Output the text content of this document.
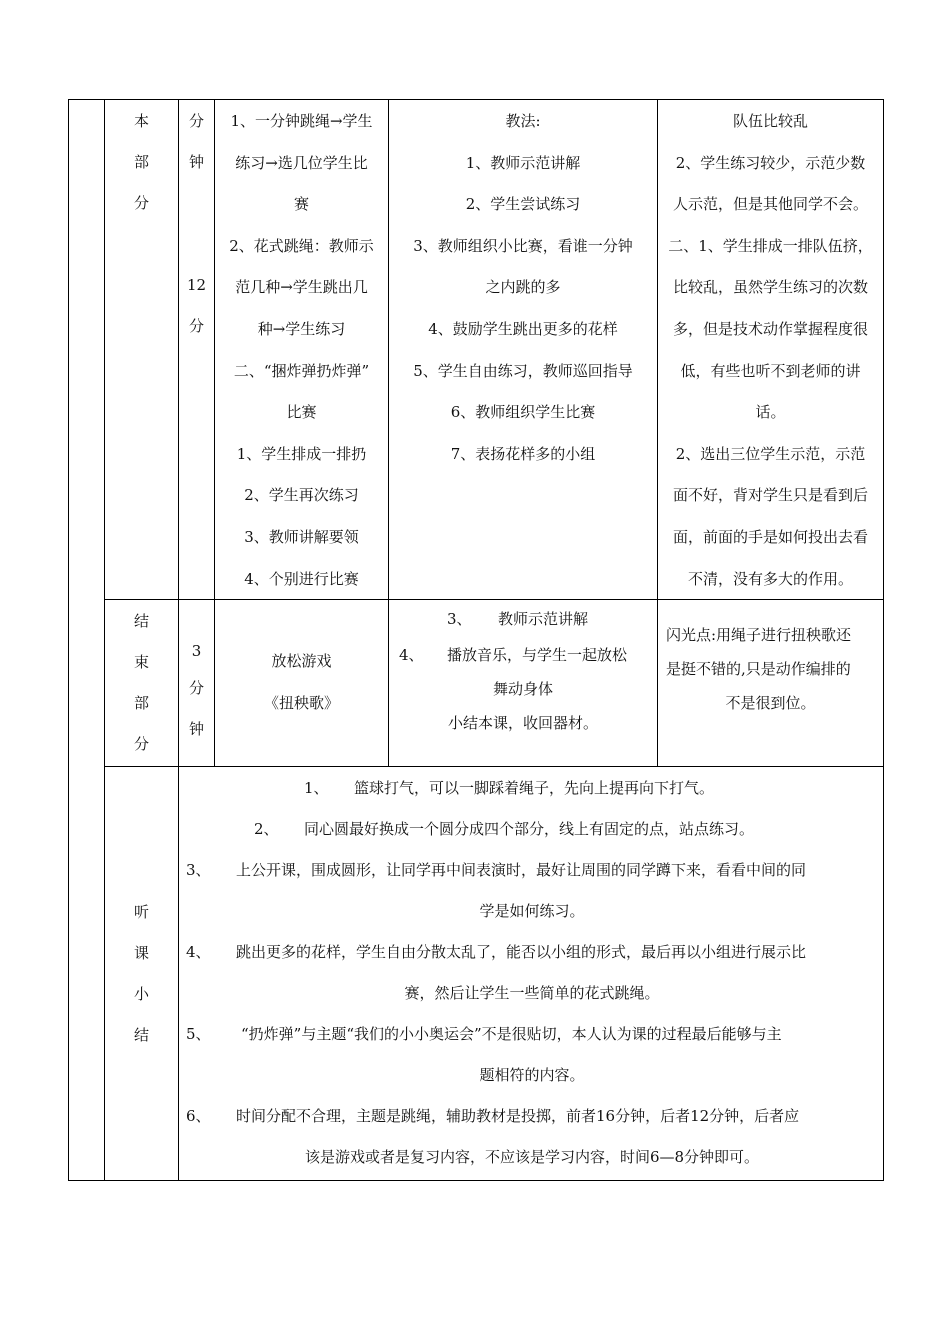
本
部
分
分
钟
12
分
1、一分钟跳绳→学生
练习→选几位学生比
赛
2、花式跳绳：教师示
范几种→学生跳出几
种→学生练习
二、“捆炸弹扔炸弹”
比赛
1、学生排成一排扔
2、学生再次练习
3、教师讲解要领
4、个别进行比赛
教法:
1、教师示范讲解
2、学生尝试练习
3、教师组织小比赛，看谁一分钟
之内跳的多
4、鼓励学生跳出更多的花样
5、学生自由练习，教师巡回指导
6、教师组织学生比赛
7、表扬花样多的小组
队伍比较乱
2、学生练习较少，示范少数
人示范，但是其他同学不会。
二、1、学生排成一排队伍挤，
比较乱，虽然学生练习的次数
多，但是技术动作掌握程度很
低，有些也听不到老师的讲
话。
2、选出三位学生示范，示范
面不好，背对学生只是看到后
面，前面的手是如何投出去看
不清，没有多大的作用。
结
束
部
分
3
分
钟
放松游戏
《扭秧歌》
3、 教师示范讲解
4、 播放音乐，与学生一起放松
舞动身体
小结本课，收回器材。
闪光点:用绳子进行扭秧歌还
是挺不错的,只是动作编排的
不是很到位。
听
课
小
结
1、 篮球打气，可以一脚踩着绳子，先向上提再向下打气。
2、 同心圆最好换成一个圆分成四个部分，线上有固定的点，站点练习。
3、 上公开课，围成圆形，让同学再中间表演时，最好让周围的同学蹲下来，看看中间的同
学是如何练习。
4、 跳出更多的花样，学生自由分散太乱了，能否以小组的形式，最后再以小组进行展示比
赛，然后让学生一些简单的花式跳绳。
5、 “扔炸弹”与主题“我们的小小奥运会”不是很贴切，本人认为课的过程最后能够与主
题相符的内容。
6、 时间分配不合理，主题是跳绳，辅助教材是投掷，前者16分钟，后者12分钟，后者应
该是游戏或者是复习内容，不应该是学习内容，时间6—8分钟即可。
